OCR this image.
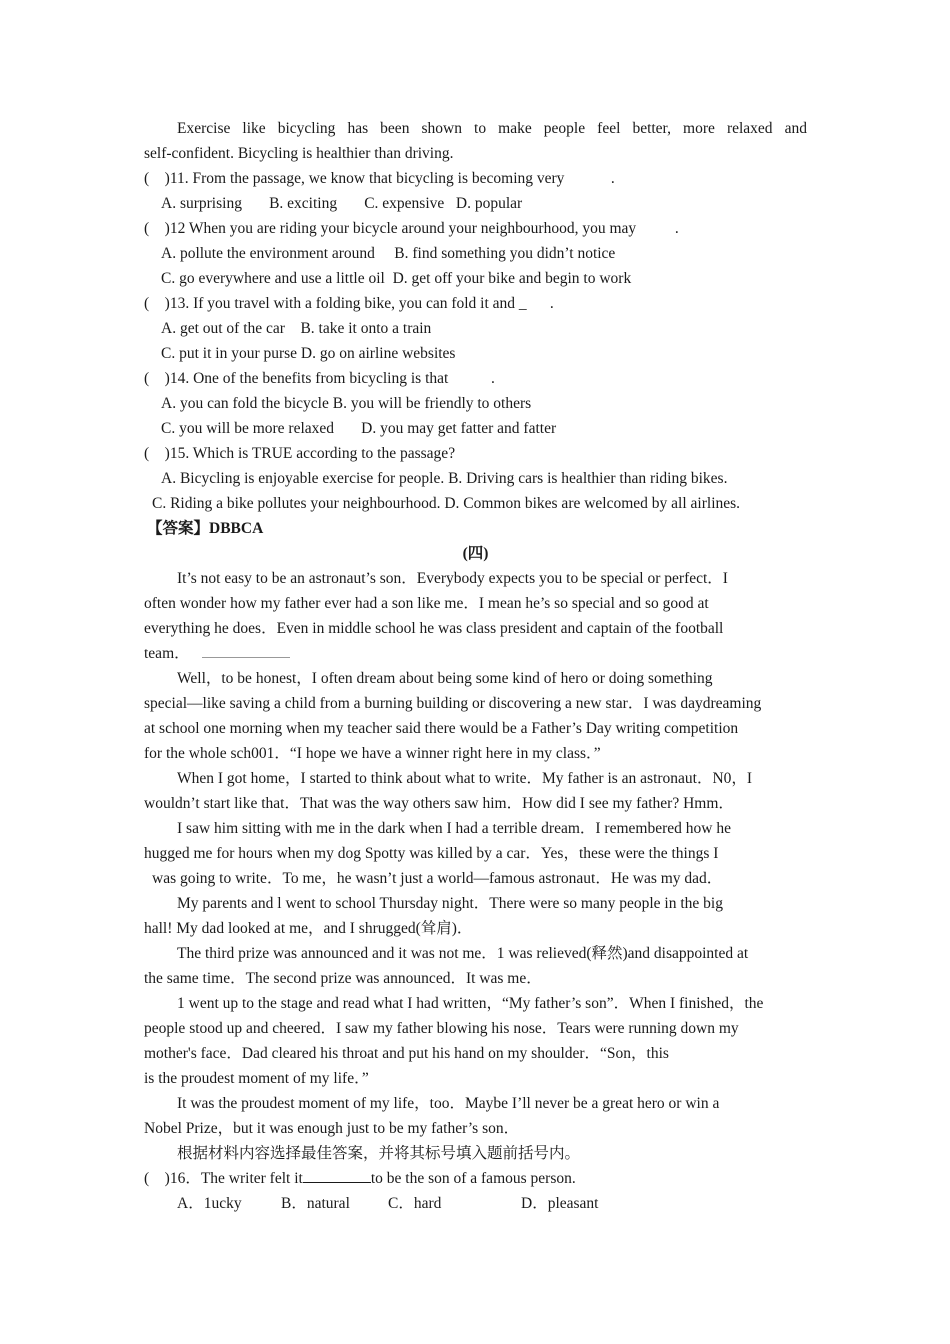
Exercise like bicycling has been shown to make people feel better, more relaxed and
self-confident. Bicycling is healthier than driving.
(    )11. From the passage, we know that bicycling is becoming very            .
A. surprising       B. exciting       C. expensive   D. popular
(    )12 When you are riding your bicycle around your neighbourhood, you may          .
A. pollute the environment around     B. find something you didn’t notice
C. go everywhere and use a little oil  D. get off your bike and begin to work
(    )13. If you travel with a folding bike, you can fold it and _      .
A. get out of the car    B. take it onto a train
C. put it in your purse D. go on airline websites
(    )14. One of the benefits from bicycling is that           .
A. you can fold the bicycle B. you will be friendly to others
C. you will be more relaxed       D. you may get fatter and fatter
(    )15. Which is TRUE according to the passage?
A. Bicycling is enjoyable exercise for people. B. Driving cars is healthier than riding bikes.
C. Riding a bike pollutes your neighbourhood. D. Common bikes are welcomed by all airlines.
【答案】DBBCA
(四)
It’s not easy to be an astronaut’s son．Everybody expects you to be special or perfect．I
often wonder how my father ever had a son like me．I mean he’s so special and so good at
everything he does．Even in middle school he was class president and captain of the football
team．
Well，to be honest，I often dream about being some kind of hero or doing something
special—like saving a child from a burning building or discovering a new star．I was daydreaming
at school one morning when my teacher said there would be a Father’s Day writing competition
for the whole sch001．“I hope we have a winner right here in my class．”
When I got home，I started to think about what to write．My father is an astronaut．N0，I
wouldn’t start like that．That was the way others saw him．How did I see my father? Hmm．
I saw him sitting with me in the dark when I had a terrible dream．I remembered how he
hugged me for hours when my dog Spotty was killed by a car．Yes，these were the things I
was going to write．To me，he wasn’t just a world—famous astronaut．He was my dad．
My parents and l went to school Thursday night．There were so many people in the big
hall! My dad looked at me，and I shrugged(耸肩)．
The third prize was announced and it was not me．1 was relieved(释然)and disappointed at
the same time．The second prize was announced．It was me．
1 went up to the stage and read what I had written，“My father’s son”．When I finished，the
people stood up and cheered．I saw my father blowing his nose．Tears were running down my
mother's face．Dad cleared his throat and put his hand on my shoulder．“Son，this
is the proudest moment of my life．”
It was the proudest moment of my life，too．Maybe I’ll never be a great hero or win a
Nobel Prize，but it was enough just to be my father’s son．
根据材料内容选择最佳答案，并将其标号填入题前括号内。
(    )16．The writer felt it	to be the son of a famous person.
A．1ucky	B．natural C．hard	D．pleasant
